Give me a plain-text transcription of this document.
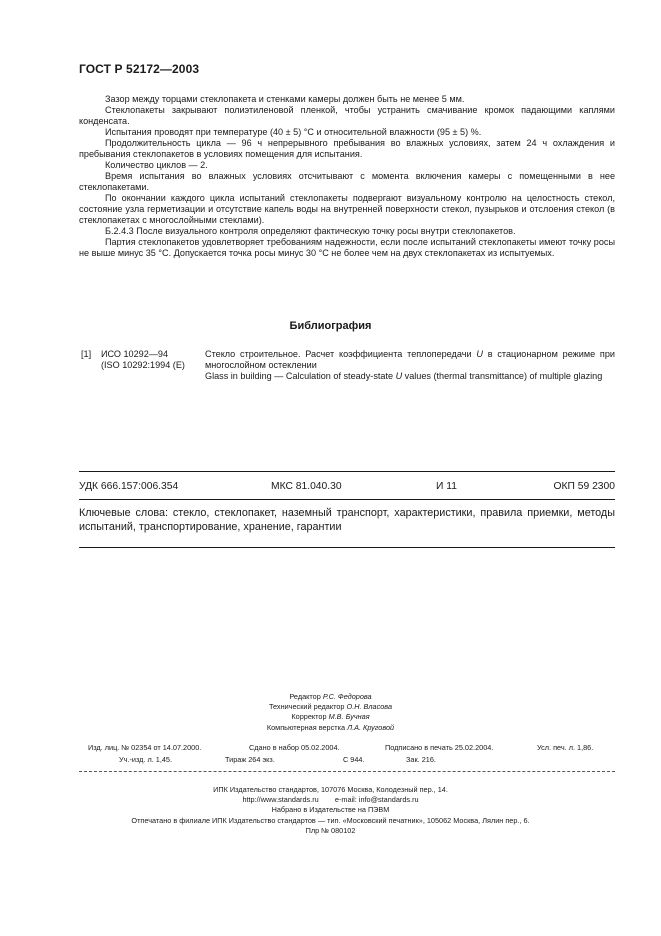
ГОСТ Р 52172—2003

Зазор между торцами стеклопакета и стенками камеры должен быть не менее 5 мм.

Стеклопакеты закрывают полиэтиленовой пленкой, чтобы устранить смачивание кромок падающими каплями конденсата.

Испытания проводят при температуре (40 ± 5) °С и относительной влажности (95 ± 5) %.

Продолжительность цикла — 96 ч непрерывного пребывания во влажных условиях, затем 24 ч охлаждения и пребывания стеклопакетов в условиях помещения для испытания.

Количество циклов — 2.

Время испытания во влажных условиях отсчитывают с момента включения камеры с помещенными в нее стеклопакетами.

По окончании каждого цикла испытаний стеклопакеты подвергают визуальному контролю на целостность стекол, состояние узла герметизации и отсутствие капель воды на внутренней поверхности стекол, пузырьков и отслоения стекол (в стеклопакетах с многослойными стеклами).

Б.2.4.3 После визуального контроля определяют фактическую точку росы внутри стеклопакетов.

Партия стеклопакетов удовлетворяет требованиям надежности, если после испытаний стеклопакеты имеют точку росы не выше минус 35 °С. Допускается точка росы минус 30 °С не более чем на двух стеклопакетах из испытуемых.

Библиография
[1] ИСО 10292—94
(ISO 10292:1994 (E)
Стекло строительное. Расчет коэффициента теплопередачи U в стационарном режиме при многослойном остеклении
Glass in building — Calculation of steady-state U values (thermal transmittance) of multiple glazing
УДК 666.157:006.354	МКС 81.040.30	И 11	ОКП 59 2300
Ключевые слова: стекло, стеклопакет, наземный транспорт, характеристики, правила приемки, методы испытаний, транспортирование, хранение, гарантии
Редактор Р.С. Федорова
Технический редактор О.Н. Власова
Корректор М.В. Бучная
Компьютерная верстка Л.А. Круговой
Изд. лиц. № 02354 от 14.07.2000.	Сдано в набор 05.02.2004.	Подписано в печать 25.02.2004.	Усл. печ. л. 1,86.
Уч.-изд. л. 1,45.	Тираж 264 экз.	С 944.	Зак. 216.
ИПК Издательство стандартов, 107076 Москва, Колодезный пер., 14.
http://www.standards.ru        e-mail: info@standards.ru
Набрано в Издательстве на ПЭВМ
Отпечатано в филиале ИПК Издательство стандартов — тип. «Московский печатник», 105062 Москва, Лялин пер., 6.
Плр № 080102
